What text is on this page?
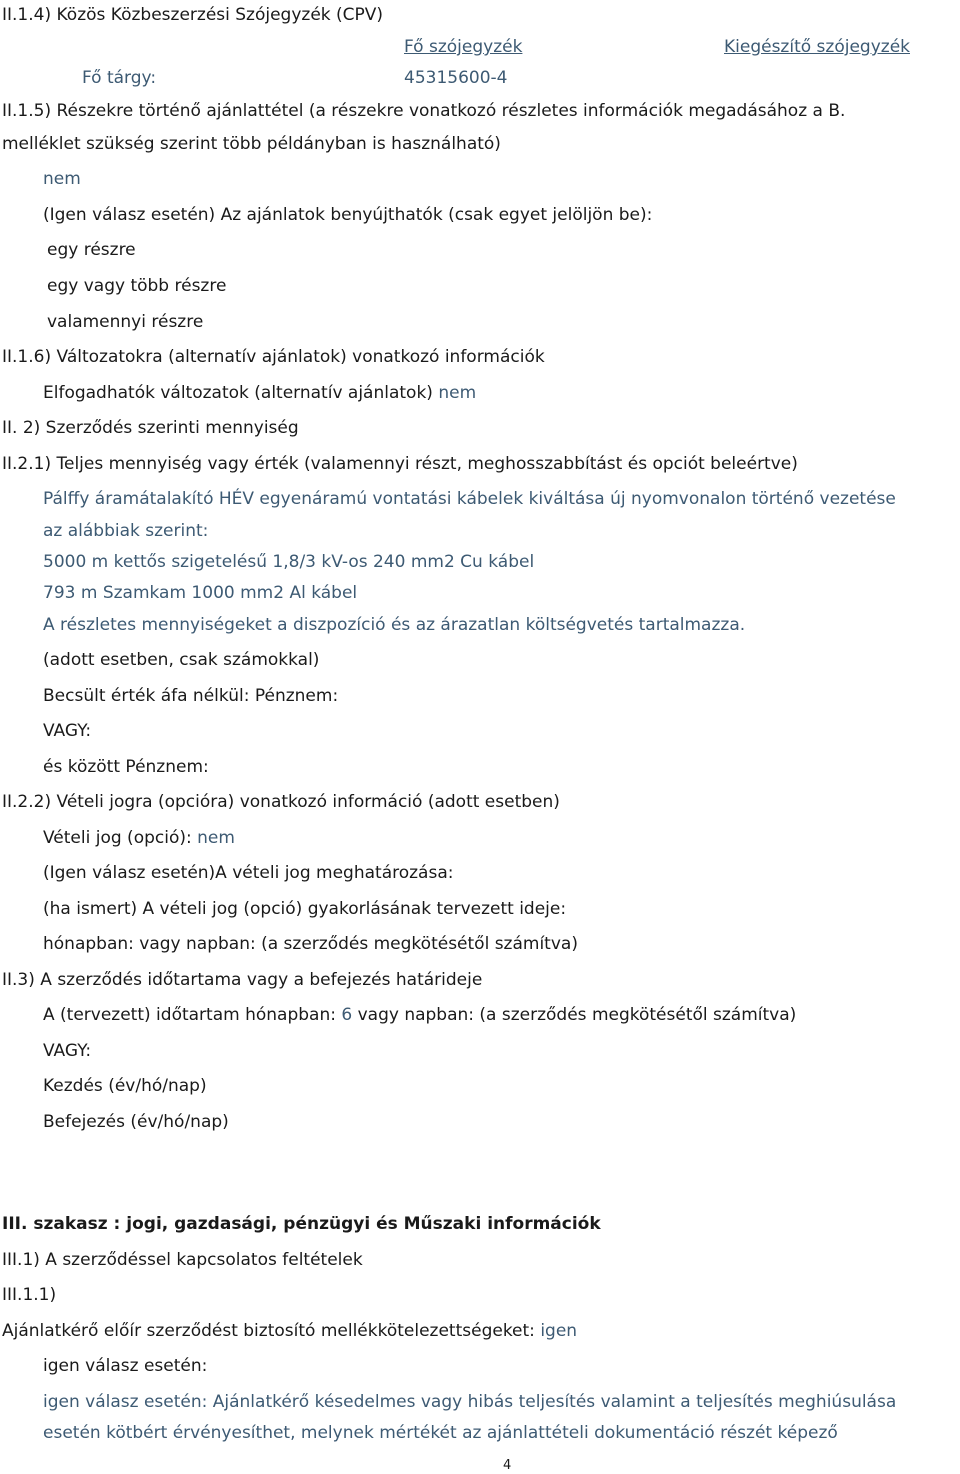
II.1.4) Közös Közbeszerzési Szójegyzék (CPV)
Fő szójegyzék	Kiegészítő szójegyzék
Fő tárgy:	45315600-4
II.1.5) Részekre történő ajánlattétel (a részekre vonatkozó részletes információk megadásához a B.
melléklet szükség szerint több példányban is használható)
nem
(Igen válasz esetén) Az ajánlatok benyújthatók (csak egyet jelöljön be):
egy részre
egy vagy több részre
valamennyi részre
II.1.6) Változatokra (alternatív ajánlatok) vonatkozó információk
Elfogadhatók változatok (alternatív ajánlatok) nem
II. 2) Szerződés szerinti mennyiség
II.2.1) Teljes mennyiség vagy érték (valamennyi részt, meghosszabbítást és opciót beleértve)
Pálffy áramátalakító HÉV egyenáramú vontatási kábelek kiváltása új nyomvonalon történő vezetése
az alábbiak szerint:
5000 m kettős szigetelésű 1,8/3 kV-os 240 mm2 Cu kábel
793 m Szamkam 1000 mm2 Al kábel
A részletes mennyiségeket a diszpozíció és az árazatlan költségvetés tartalmazza.
(adott esetben, csak számokkal)
Becsült érték áfa nélkül: Pénznem:
VAGY:
és között Pénznem:
II.2.2) Vételi jogra (opcióra) vonatkozó információ (adott esetben)
Vételi jog (opció): nem
(Igen válasz esetén)A vételi jog meghatározása:
(ha ismert) A vételi jog (opció) gyakorlásának tervezett ideje:
hónapban: vagy napban: (a szerződés megkötésétől számítva)
II.3) A szerződés időtartama vagy a befejezés határideje
A (tervezett) időtartam hónapban: 6 vagy napban: (a szerződés megkötésétől számítva)
VAGY:
Kezdés (év/hó/nap)
Befejezés (év/hó/nap)
III. szakasz : jogi, gazdasági, pénzügyi és Műszaki információk
III.1) A szerződéssel kapcsolatos feltételek
III.1.1)
Ajánlatkérő előír szerződést biztosító mellékkötelezettségeket: igen
igen válasz esetén:
igen válasz esetén: Ajánlatkérő késedelmes vagy hibás teljesítés valamint a teljesítés meghiúsulása
esetén kötbért érvényesíthet, melynek mértékét az ajánlattételi dokumentáció részét képező
4
